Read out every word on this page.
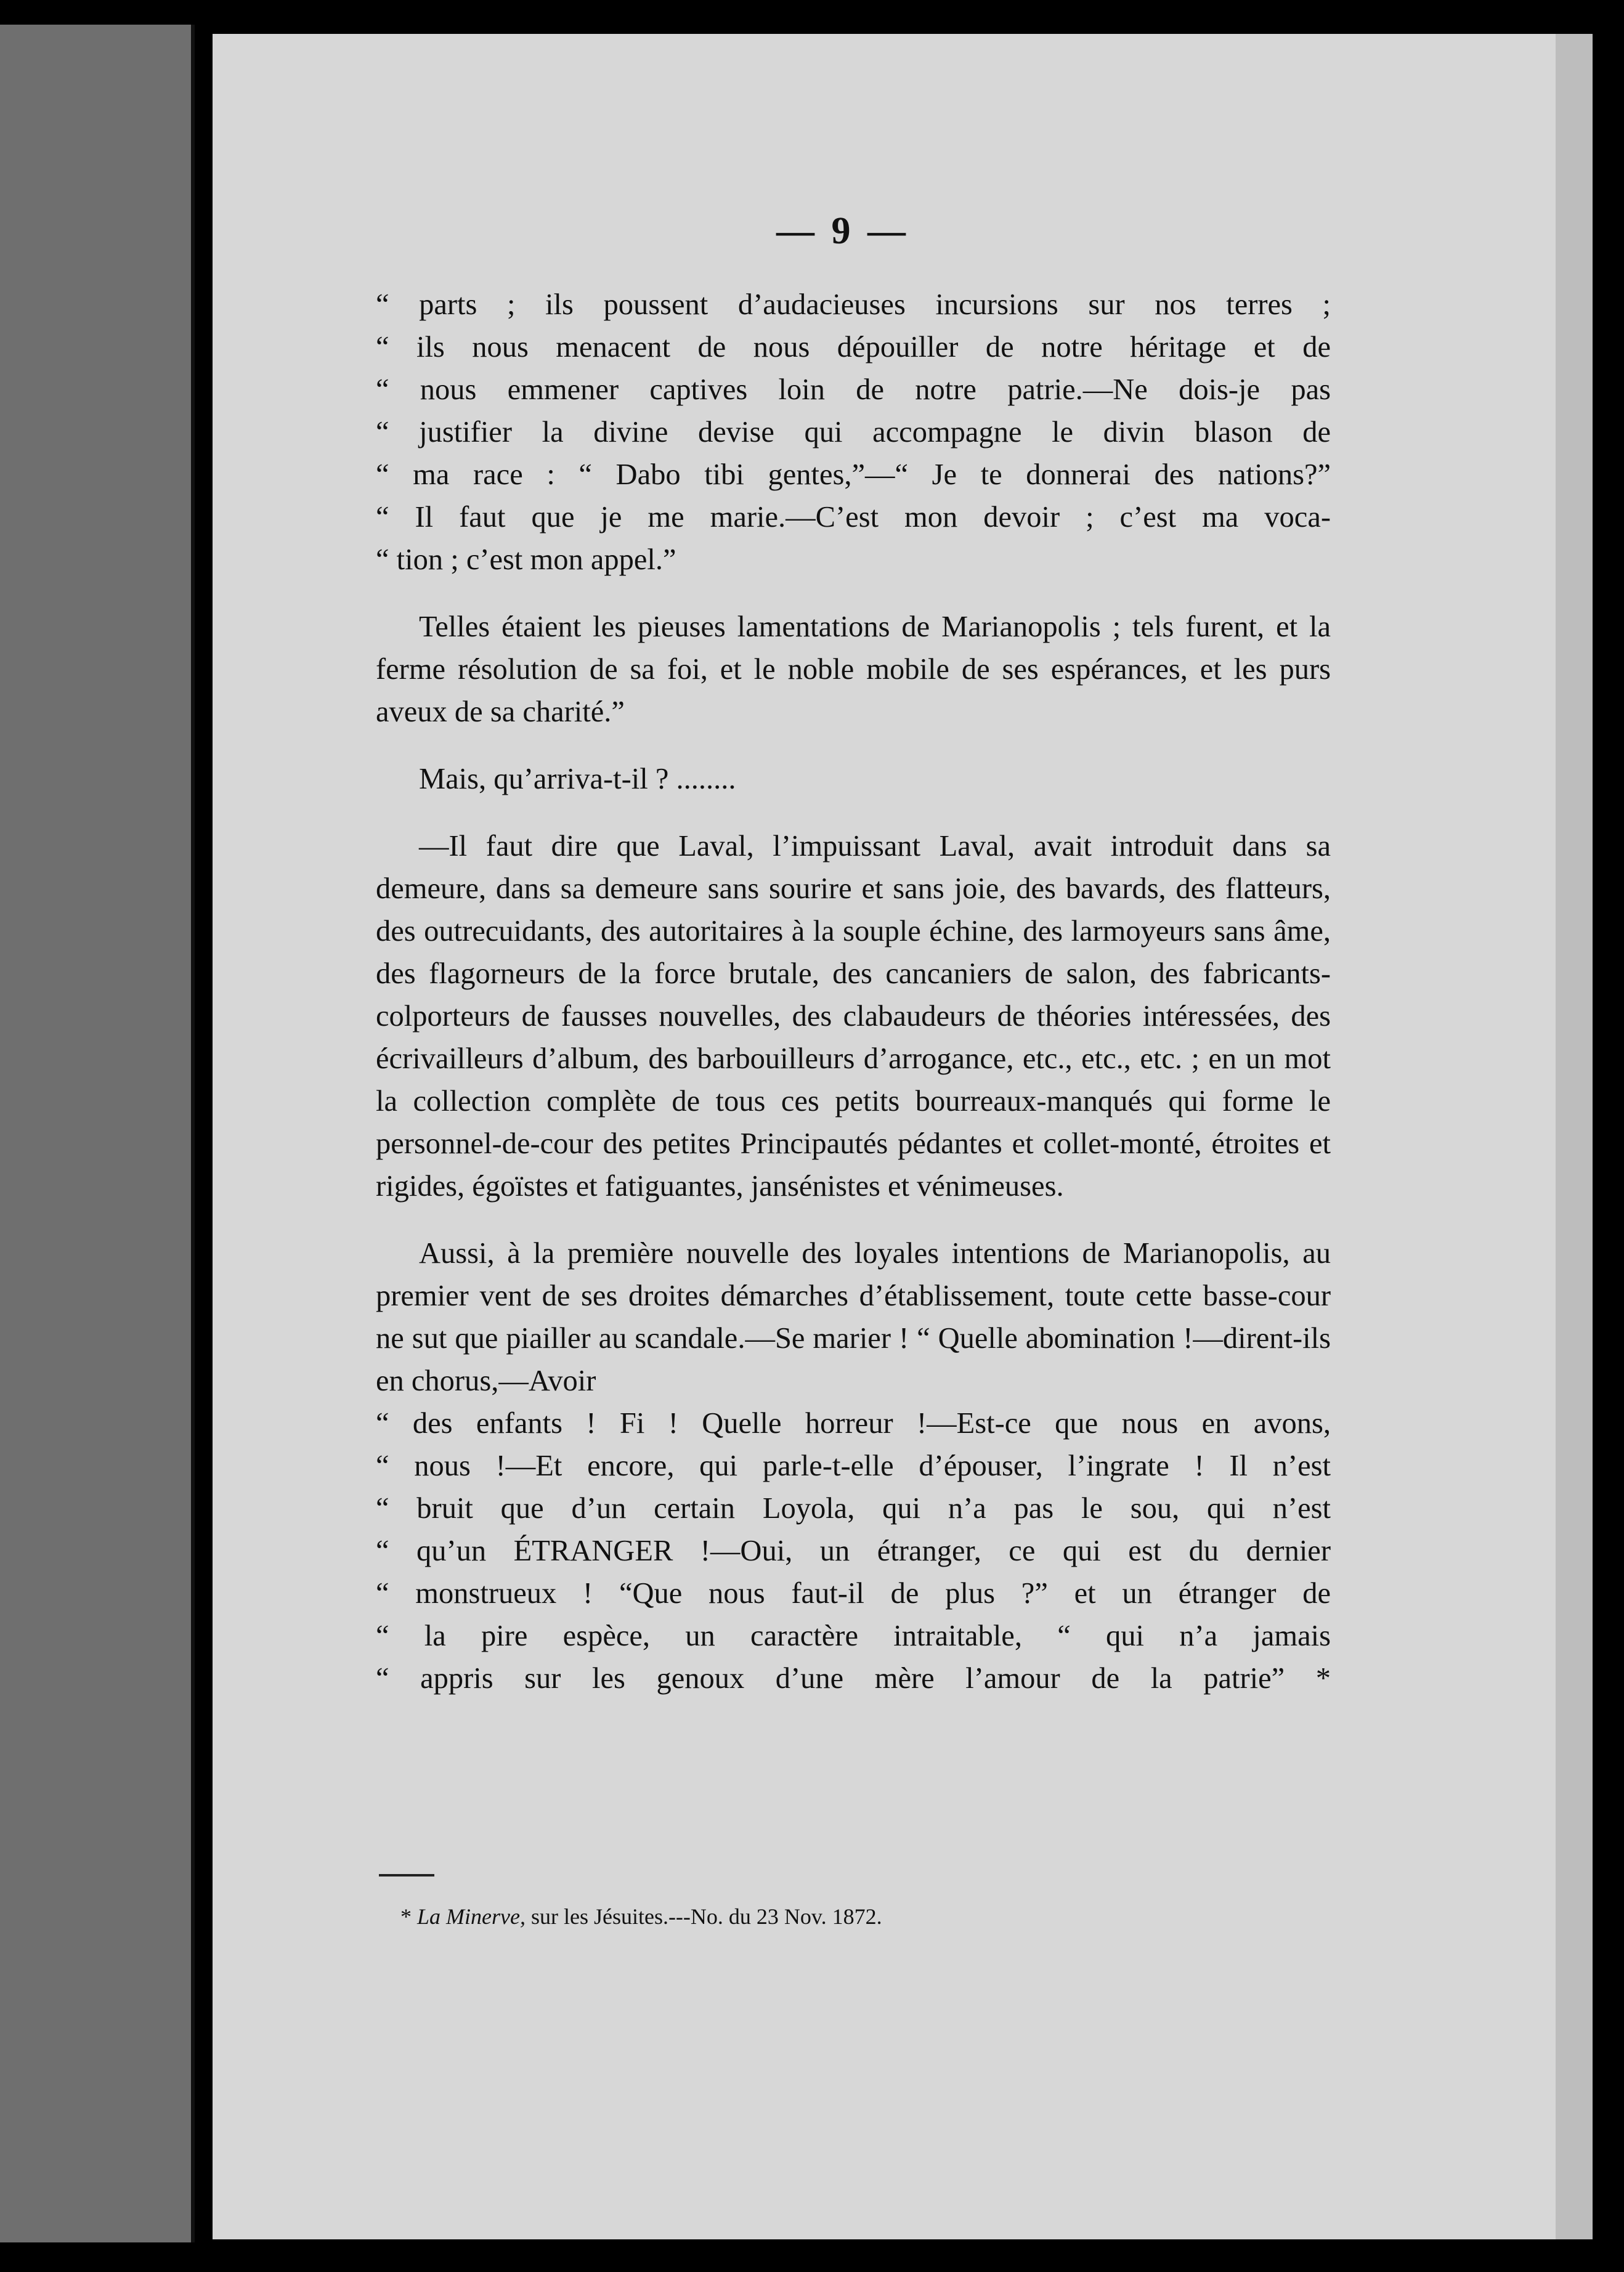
— 9 —
“ parts ; ils poussent d’audacieuses incursions sur nos terres ;
“ ils nous menacent de nous dépouiller de notre héritage et de
“ nous emmener captives loin de notre patrie.—Ne dois-je pas
“ justifier la divine devise qui accompagne le divin blason de
“ ma race : “ Dabo tibi gentes,”—“ Je te donnerai des nations?”
“ Il faut que je me marie.—C’est mon devoir ; c’est ma voca-
“ tion ; c’est mon appel.”
Telles étaient les pieuses lamentations de Marianopolis ; tels furent, et la ferme résolution de sa foi, et le noble mobile de ses espérances, et les purs aveux de sa charité.”
Mais, qu’arriva-t-il ? ........
—Il faut dire que Laval, l’impuissant Laval, avait introduit dans sa demeure, dans sa demeure sans sourire et sans joie, des bavards, des flatteurs, des outrecuidants, des autoritaires à la souple échine, des larmoyeurs sans âme, des flagorneurs de la force brutale, des cancaniers de salon, des fabricants-colporteurs de fausses nouvelles, des clabaudeurs de théories intéressées, des écrivailleurs d’album, des barbouilleurs d’arrogance, etc., etc., etc. ; en un mot la collection complète de tous ces petits bourreaux-manqués qui forme le personnel-de-cour des petites Principautés pédantes et collet-monté, étroites et rigides, égoïstes et fatiguantes, jansénistes et vénimeuses.
Aussi, à la première nouvelle des loyales intentions de Marianopolis, au premier vent de ses droites démarches d’établissement, toute cette basse-cour ne sut que piailler au scandale.—Se marier ! “ Quelle abomination !—dirent-ils en chorus,—Avoir
“ des enfants ! Fi ! Quelle horreur !—Est-ce que nous en avons,
“ nous !—Et encore, qui parle-t-elle d’épouser, l’ingrate ! Il n’est
“ bruit que d’un certain Loyola, qui n’a pas le sou, qui n’est
“ qu’un ÉTRANGER !—Oui, un étranger, ce qui est du dernier
“ monstrueux ! “Que nous faut-il de plus ?” et un étranger de
“ la pire espèce, un caractère intraitable, “ qui n’a jamais
“ appris sur les genoux d’une mère l’amour de la patrie” *
* La Minerve, sur les Jésuites.---No. du 23 Nov. 1872.
